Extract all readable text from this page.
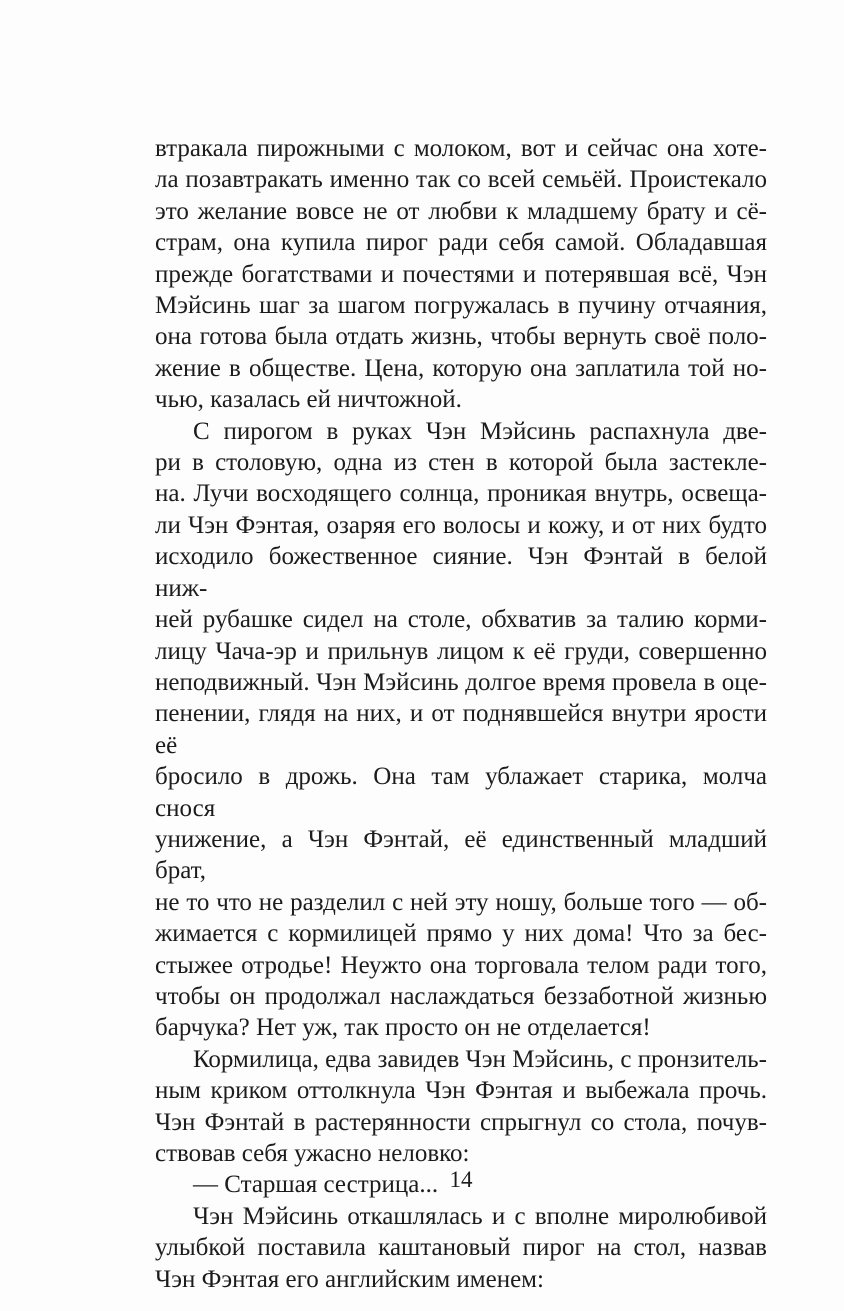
втракала пирожными с молоком, вот и сейчас она хоте-
ла позавтракать именно так со всей семьёй. Проистекало
это желание вовсе не от любви к младшему брату и сё-
страм, она купила пирог ради себя самой. Обладавшая
прежде богатствами и почестями и потерявшая всё, Чэн
Мэйсинь шаг за шагом погружалась в пучину отчаяния,
она готова была отдать жизнь, чтобы вернуть своё поло-
жение в обществе. Цена, которую она заплатила той но-
чью, казалась ей ничтожной.
С пирогом в руках Чэн Мэйсинь распахнула две-
ри в столовую, одна из стен в которой была застекле-
на. Лучи восходящего солнца, проникая внутрь, освеща-
ли Чэн Фэнтая, озаряя его волосы и кожу, и от них будто
исходило божественное сияние. Чэн Фэнтай в белой ниж-
ней рубашке сидел на столе, обхватив за талию корми-
лицу Чача-эр и прильнув лицом к её груди, совершенно
неподвижный. Чэн Мэйсинь долгое время провела в оце-
пенении, глядя на них, и от поднявшейся внутри ярости её
бросило в дрожь. Она там ублажает старика, молча снося
унижение, а Чэн Фэнтай, её единственный младший брат,
не то что не разделил с ней эту ношу, больше того — об-
жимается с кормилицей прямо у них дома! Что за бес-
стыжее отродье! Неужто она торговала телом ради того,
чтобы он продолжал наслаждаться беззаботной жизнью
барчука? Нет уж, так просто он не отделается!
Кормилица, едва завидев Чэн Мэйсинь, с пронзитель-
ным криком оттолкнула Чэн Фэнтая и выбежала прочь.
Чэн Фэнтай в растерянности спрыгнул со стола, почув-
ствовав себя ужасно неловко:
— Старшая сестрица...
Чэн Мэйсинь откашлялась и с вполне миролюбивой
улыбкой поставила каштановый пирог на стол, назвав
Чэн Фэнтая его английским именем:
14
